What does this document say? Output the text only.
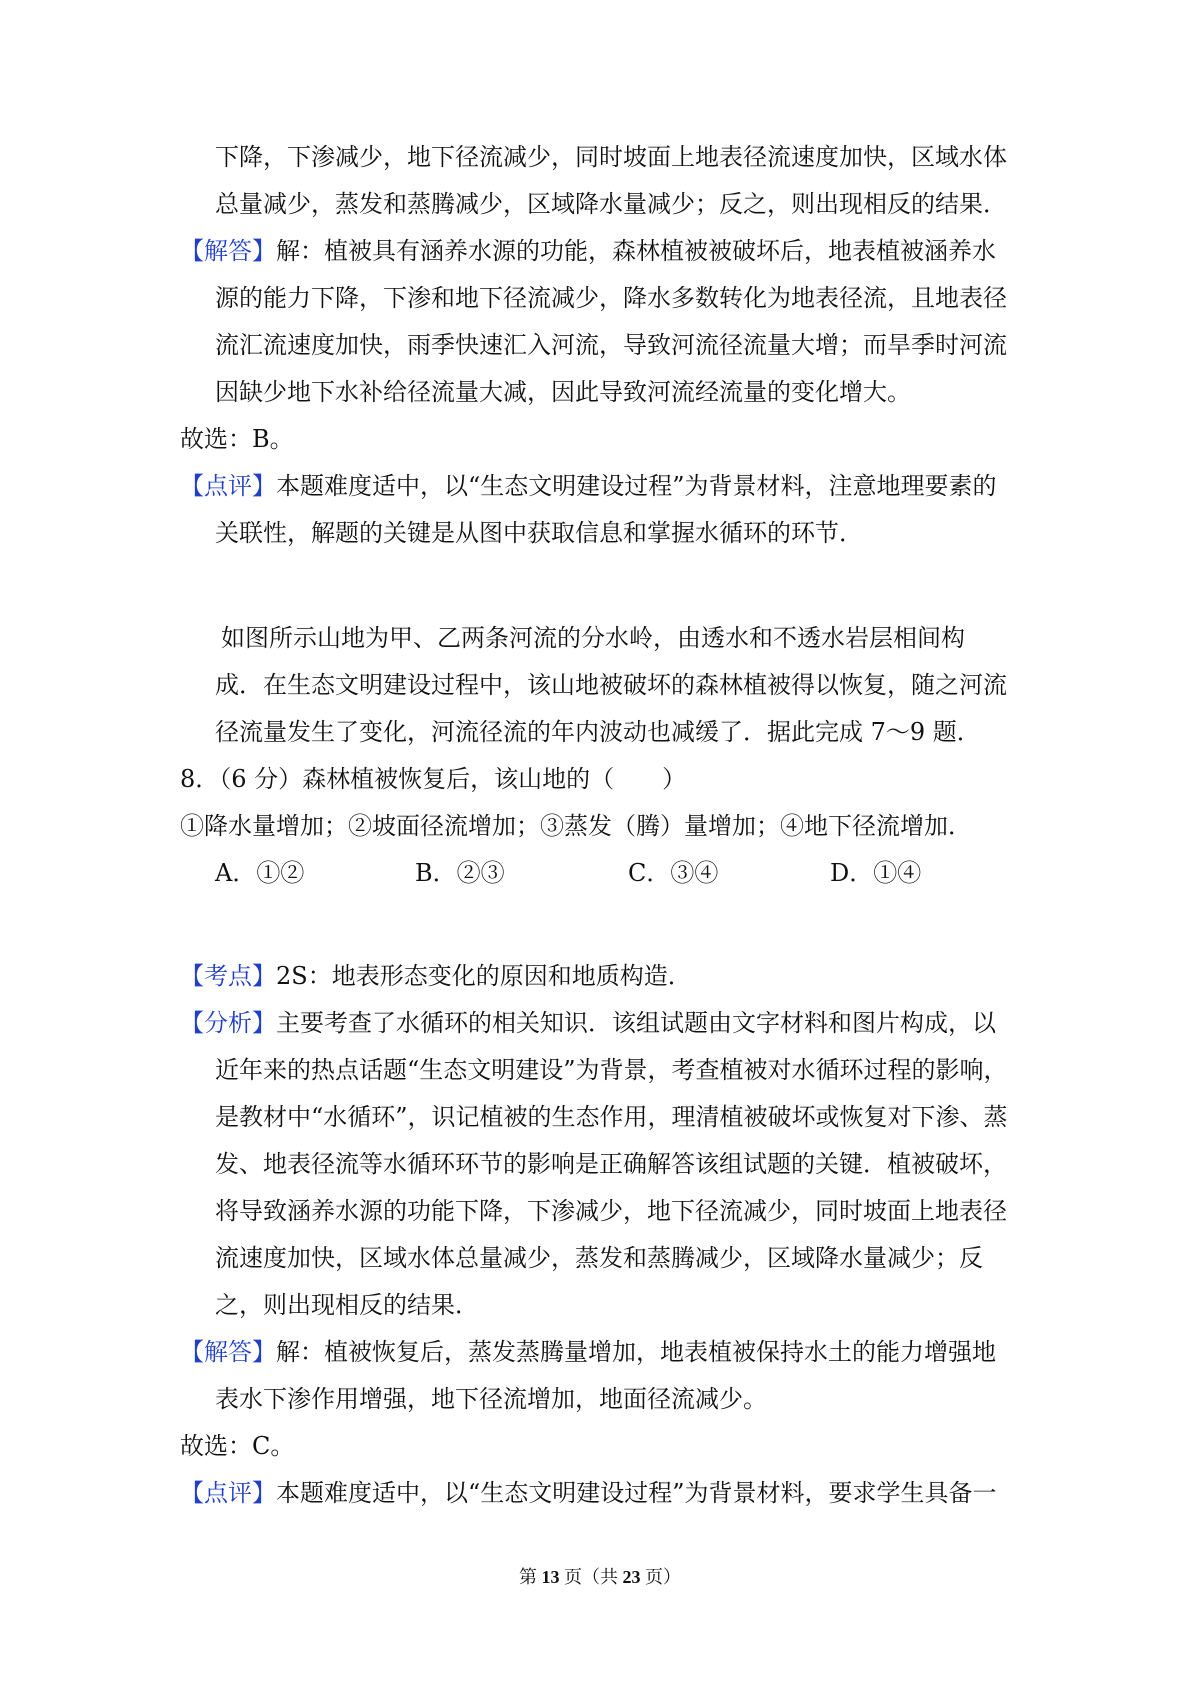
下降，下渗减少，地下径流减少，同时坡面上地表径流速度加快，区域水体
总量减少，蒸发和蒸腾减少，区域降水量减少；反之，则出现相反的结果．
【解答】解：植被具有涵养水源的功能，森林植被被破坏后，地表植被涵养水
源的能力下降，下渗和地下径流减少，降水多数转化为地表径流，且地表径
流汇流速度加快，雨季快速汇入河流，导致河流径流量大增；而旱季时河流
因缺少地下水补给径流量大减，因此导致河流经流量的变化增大。
故选：B。
【点评】本题难度适中，以“生态文明建设过程”为背景材料，注意地理要素的
关联性，解题的关键是从图中获取信息和掌握水循环的环节．
如图所示山地为甲、乙两条河流的分水岭，由透水和不透水岩层相间构
成．在生态文明建设过程中，该山地被破坏的森林植被得以恢复，随之河流
径流量发生了变化，河流径流的年内波动也减缓了．据此完成 7～9 题．
8．（6 分）森林植被恢复后，该山地的（　　）
①降水量增加；②坡面径流增加；③蒸发（腾）量增加；④地下径流增加．
A．①②	B．②③	C．③④	D．①④
【考点】2S：地表形态变化的原因和地质构造．
【分析】主要考查了水循环的相关知识．该组试题由文字材料和图片构成，以
近年来的热点话题“生态文明建设”为背景，考查植被对水循环过程的影响，
是教材中“水循环”，识记植被的生态作用，理清植被破坏或恢复对下渗、蒸
发、地表径流等水循环环节的影响是正确解答该组试题的关键．植被破坏，
将导致涵养水源的功能下降，下渗减少，地下径流减少，同时坡面上地表径
流速度加快，区域水体总量减少，蒸发和蒸腾减少，区域降水量减少；反
之，则出现相反的结果．
【解答】解：植被恢复后，蒸发蒸腾量增加，地表植被保持水土的能力增强地
表水下渗作用增强，地下径流增加，地面径流减少。
故选：C。
【点评】本题难度适中，以“生态文明建设过程”为背景材料，要求学生具备一
第 13 页（共 23 页）
